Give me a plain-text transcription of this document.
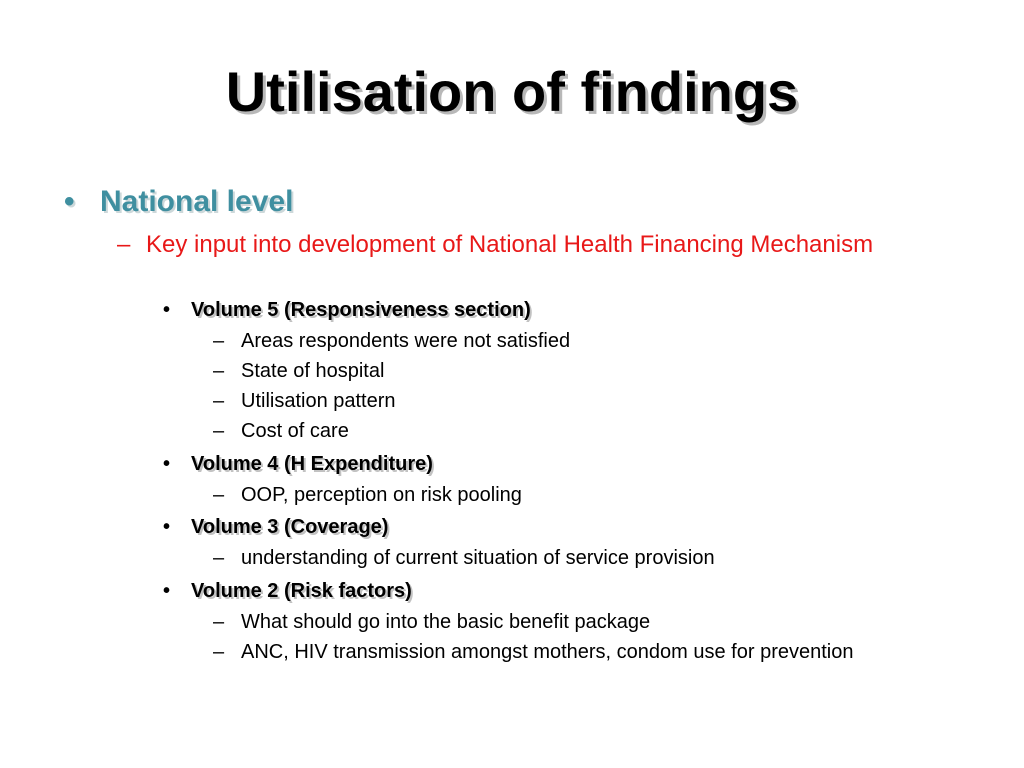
Utilisation of findings
• National level
– Key input into development of National Health Financing Mechanism
• Volume 5 (Responsiveness section)
– Areas respondents were not satisfied
– State of hospital
– Utilisation pattern
– Cost of care
• Volume 4 (H Expenditure)
– OOP, perception on risk pooling
• Volume 3 (Coverage)
– understanding of current situation of service provision
• Volume 2 (Risk factors)
– What should go into the basic benefit package
– ANC, HIV transmission amongst mothers, condom use for prevention
